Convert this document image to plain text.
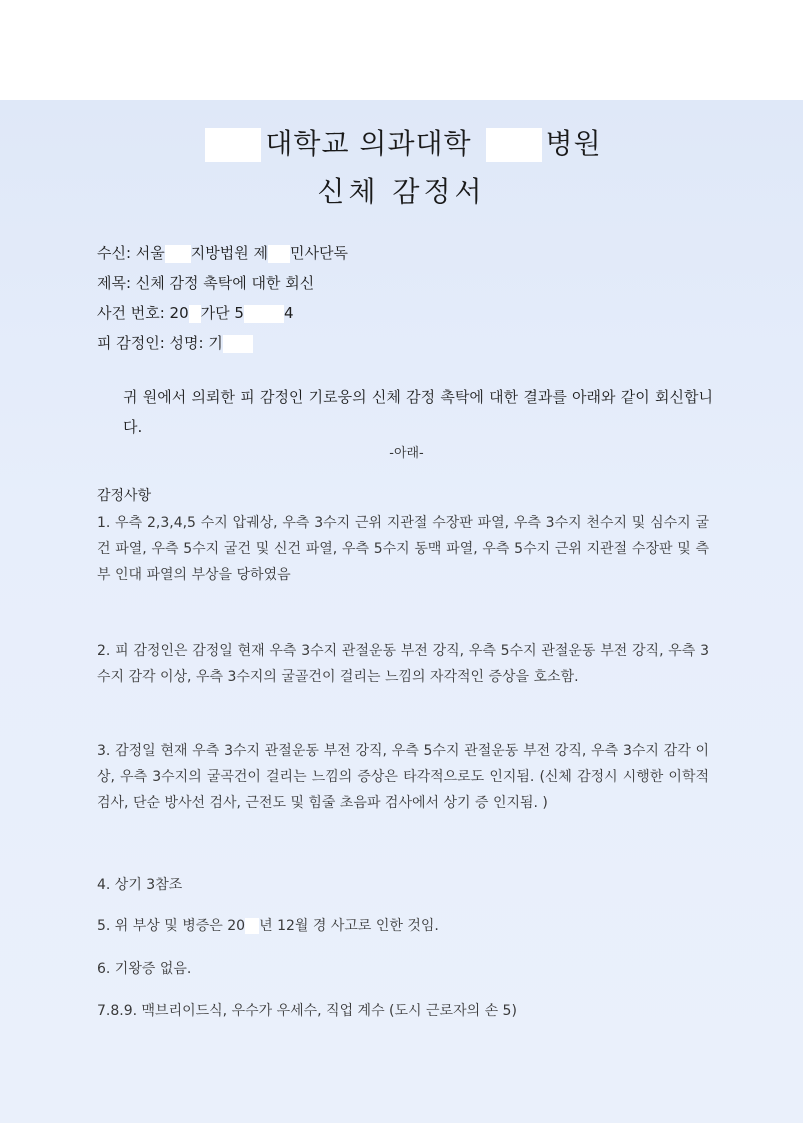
대학교 의과대학	병원
신체 감정서
수신: 서울 지방법원 제 민사단독
제목: 신체 감정 촉탁에 대한 회신
사건 번호: 20 가단 5	4
피 감정인: 성명: 기
귀 원에서 의뢰한 피 감정인 기로웅의 신체 감정 촉탁에 대한 결과를 아래와 같이 회신합니다.
-아래-
감정사항
1. 우측 2,3,4,5 수지 압궤상, 우측 3수지 근위 지관절 수장판 파열, 우측 3수지 천수지 및 심수지 굴건 파열, 우측 5수지 굴건 및 신건 파열, 우측 5수지 동맥 파열, 우측 5수지 근위 지관절 수장판 및 측부 인대 파열의 부상을 당하였음
2. 피 감정인은 감정일 현재 우측 3수지 관절운동 부전 강직, 우측 5수지 관절운동 부전 강직, 우측 3수지 감각 이상, 우측 3수지의 굴골건이 걸리는 느낌의 자각적인 증상을 호소함.
3. 감정일 현재 우측 3수지 관절운동 부전 강직, 우측 5수지 관절운동 부전 강직, 우측 3수지 감각 이상, 우측 3수지의 굴곡건이 걸리는 느낌의 증상은 타각적으로도 인지됨. (신체 감정시 시행한 이학적 검사, 단순 방사선 검사, 근전도 및 힘줄 초음파 검사에서 상기 증 인지됨. )
4. 상기 3참조
5. 위 부상 및 병증은 20 년 12월 경 사고로 인한 것임.
6. 기왕증 없음.
7.8.9. 맥브리이드식, 우수가 우세수, 직업 계수 (도시 근로자의 손 5)
